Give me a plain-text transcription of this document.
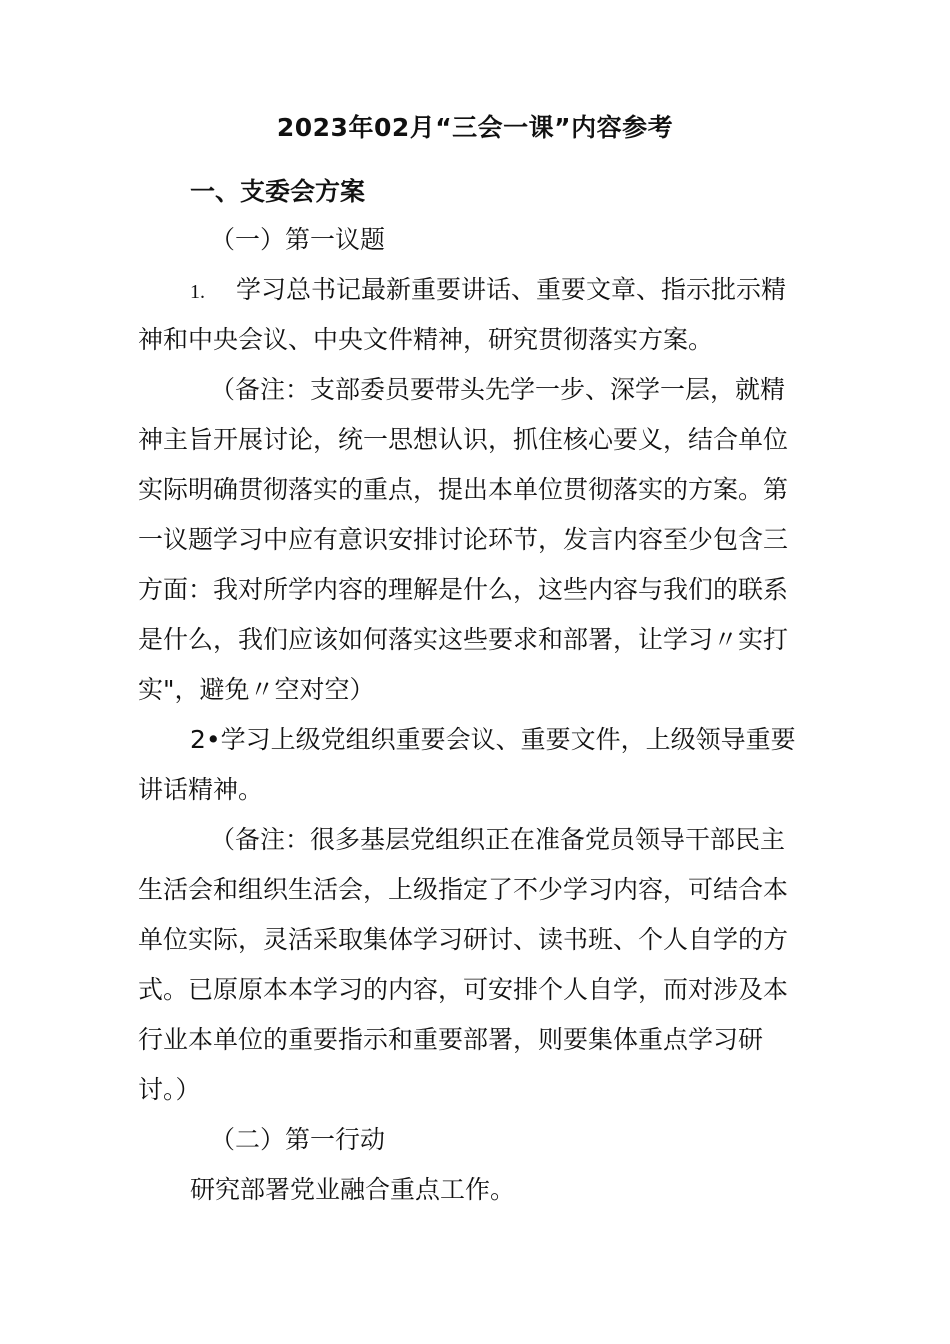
2023年02月“三会一课”内容参考
一、支委会方案
（一）第一议题
1. 学习总书记最新重要讲话、重要文章、指示批示精
神和中央会议、中央文件精神，研究贯彻落实方案。
（备注：支部委员要带头先学一步、深学一层，就精
神主旨开展讨论，统一思想认识，抓住核心要义，结合单位
实际明确贯彻落实的重点，提出本单位贯彻落实的方案。第
一议题学习中应有意识安排讨论环节，发言内容至少包含三
方面：我对所学内容的理解是什么，这些内容与我们的联系
是什么，我们应该如何落实这些要求和部署，让学习〃实打
实"，避免〃空对空）
2•学习上级党组织重要会议、重要文件，上级领导重要
讲话精神。
（备注：很多基层党组织正在准备党员领导干部民主
生活会和组织生活会，上级指定了不少学习内容，可结合本
单位实际，灵活采取集体学习研讨、读书班、个人自学的方
式。已原原本本学习的内容，可安排个人自学，而对涉及本
行业本单位的重要指示和重要部署，则要集体重点学习研
讨。）
（二）第一行动
研究部署党业融合重点工作。
